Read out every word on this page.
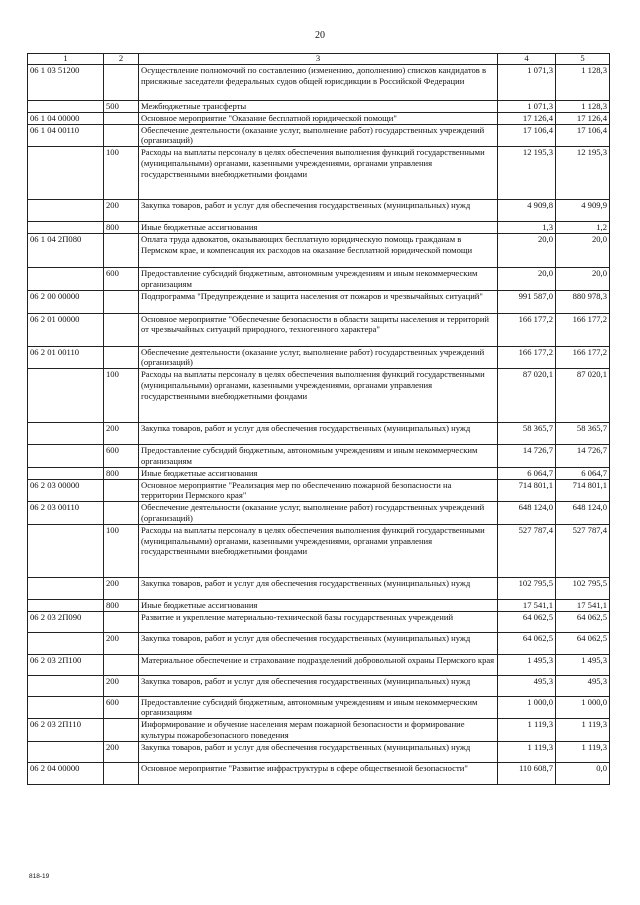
20
1	2	3	4	5
06 1 03 51200		Осуществление полномочий по составлению (изменению, дополнению) списков кандидатов в присяжные заседатели федеральных судов общей юрисдикции в Российской Федерации	1 071,3	1 128,3
	500	Межбюджетные трансферты	1 071,3	1 128,3
06 1 04 00000		Основное мероприятие "Оказание бесплатной юридической помощи"	17 126,4	17 126,4
06 1 04 00110		Обеспечение деятельности (оказание услуг, выполнение работ) государственных учреждений (организаций)	17 106,4	17 106,4
	100	Расходы на выплаты персоналу в целях обеспечения выполнения функций государственными (муниципальными) органами, казенными учреждениями, органами управления государственными внебюджетными фондами	12 195,3	12 195,3
	200	Закупка товаров, работ и услуг для обеспечения государственных (муниципальных) нужд	4 909,8	4 909,9
	800	Иные бюджетные ассигнования	1,3	1,2
06 1 04 2П080		Оплата труда адвокатов, оказывающих бесплатную юридическую помощь гражданам в Пермском крае, и компенсация их расходов на оказание бесплатной юридической помощи	20,0	20,0
	600	Предоставление субсидий бюджетным, автономным учреждениям и иным некоммерческим организациям	20,0	20,0
06 2 00 00000		Подпрограмма "Предупреждение и защита населения от пожаров и чрезвычайных ситуаций"	991 587,0	880 978,3
06 2 01 00000		Основное мероприятие "Обеспечение безопасности в области защиты населения и территорий от чрезвычайных ситуаций природного, техногенного характера"	166 177,2	166 177,2
06 2 01 00110		Обеспечение деятельности (оказание услуг, выполнение работ) государственных учреждений (организаций)	166 177,2	166 177,2
	100	Расходы на выплаты персоналу в целях обеспечения выполнения функций государственными (муниципальными) органами, казенными учреждениями, органами управления государственными внебюджетными фондами	87 020,1	87 020,1
	200	Закупка товаров, работ и услуг для обеспечения государственных (муниципальных) нужд	58 365,7	58 365,7
	600	Предоставление субсидий бюджетным, автономным учреждениям и иным некоммерческим организациям	14 726,7	14 726,7
	800	Иные бюджетные ассигнования	6 064,7	6 064,7
06 2 03 00000		Основное мероприятие "Реализация мер по обеспечению пожарной безопасности на территории Пермского края"	714 801,1	714 801,1
06 2 03 00110		Обеспечение деятельности (оказание услуг, выполнение работ) государственных учреждений (организаций)	648 124,0	648 124,0
	100	Расходы на выплаты персоналу в целях обеспечения выполнения функций государственными (муниципальными) органами, казенными учреждениями, органами управления государственными внебюджетными фондами	527 787,4	527 787,4
	200	Закупка товаров, работ и услуг для обеспечения государственных (муниципальных) нужд	102 795,5	102 795,5
	800	Иные бюджетные ассигнования	17 541,1	17 541,1
06 2 03 2П090		Развитие и укрепление материально-технической базы государственных учреждений	64 062,5	64 062,5
	200	Закупка товаров, работ и услуг для обеспечения государственных (муниципальных) нужд	64 062,5	64 062,5
06 2 03 2П100		Материальное обеспечение и страхование подразделений добровольной охраны Пермского края	1 495,3	1 495,3
	200	Закупка товаров, работ и услуг для обеспечения государственных (муниципальных) нужд	495,3	495,3
	600	Предоставление субсидий бюджетным, автономным учреждениям и иным некоммерческим организациям	1 000,0	1 000,0
06 2 03 2П110		Информирование и обучение населения мерам пожарной безопасности и формирование культуры пожаробезопасного поведения	1 119,3	1 119,3
	200	Закупка товаров, работ и услуг для обеспечения государственных (муниципальных) нужд	1 119,3	1 119,3
06 2 04 00000		Основное мероприятие "Развитие инфраструктуры в сфере общественной безопасности"	110 608,7	0,0
818-19
